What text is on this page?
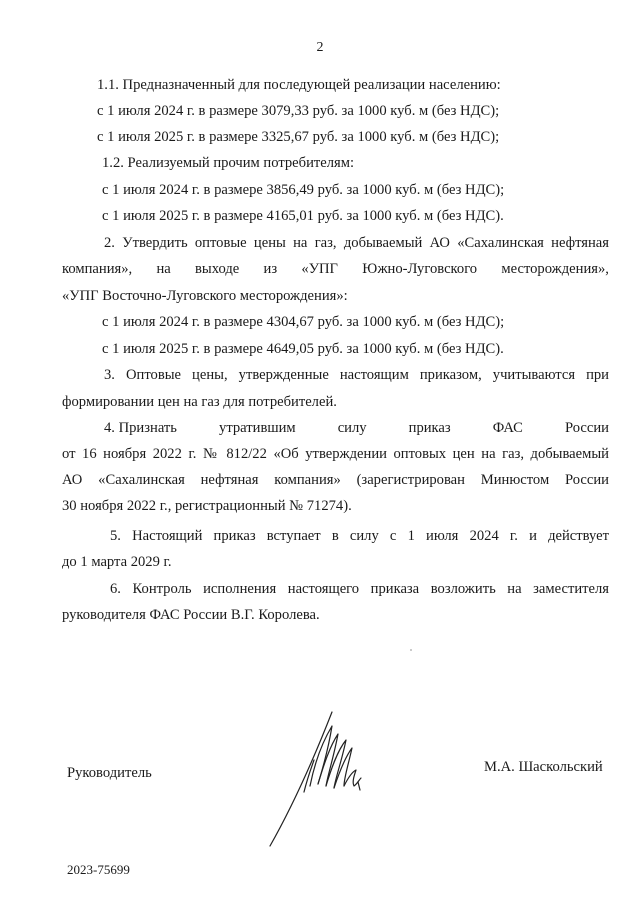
2
1.1. Предназначенный для последующей реализации населению:
с 1 июля 2024 г. в размере 3079,33 руб. за 1000 куб. м (без НДС);
с 1 июля 2025 г. в размере 3325,67 руб. за 1000 куб. м (без НДС);
1.2. Реализуемый прочим потребителям:
с 1 июля 2024 г. в размере 3856,49 руб. за 1000 куб. м (без НДС);
с 1 июля 2025 г. в размере 4165,01 руб. за 1000 куб. м (без НДС).
2. Утвердить оптовые цены на газ, добываемый АО «Сахалинская нефтяная
компания», на выходе из «УПГ Южно-Луговского месторождения»,
«УПГ Восточно-Луговского месторождения»:
с 1 июля 2024 г. в размере 4304,67 руб. за 1000 куб. м (без НДС);
с 1 июля 2025 г. в размере 4649,05 руб. за 1000 куб. м (без НДС).
3. Оптовые цены, утвержденные настоящим приказом, учитываются при
формировании цен на газ для потребителей.
4. Признать	утратившим	силу	приказ	ФАС	России
от 16 ноября 2022 г. № 812/22 «Об утверждении оптовых цен на газ, добываемый
АО «Сахалинская нефтяная компания» (зарегистрирован Минюстом России
30 ноября 2022 г., регистрационный № 71274).
5. Настоящий приказ вступает в силу с 1 июля 2024 г. и действует
до 1 марта 2029 г.
6. Контроль исполнения настоящего приказа возложить на заместителя
руководителя ФАС России В.Г. Королева.
Руководитель	М.А. Шаскольский
2023-75699
